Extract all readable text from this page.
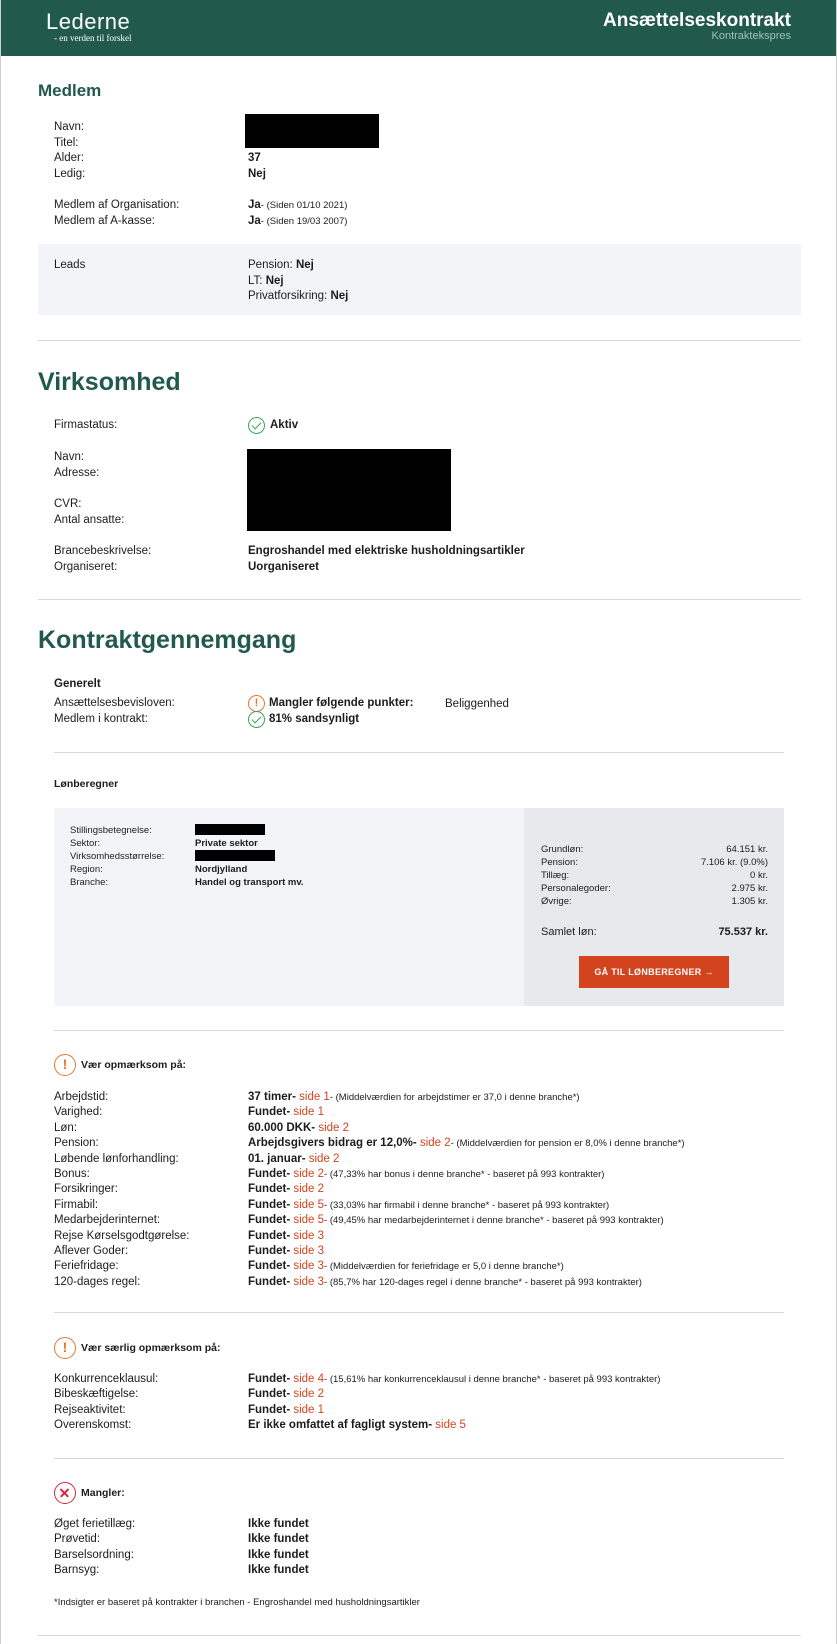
Lederne
- en verden til forskel
Ansættelseskontrakt
Kontraktekspres
Medlem
Navn:
Titel:
Alder:	37
Ledig:	Nej
Medlem af Organisation:	Ja- (Siden 01/10 2021)
Medlem af A-kasse:	Ja- (Siden 19/03 2007)
Leads	Pension: Nej
LT: Nej
Privatforsikring: Nej
Virksomhed
Firmastatus:	Aktiv
Navn:
Adresse:
CVR:
Antal ansatte:
Brancebeskrivelse:	Engroshandel med elektriske husholdningsartikler
Organiseret:	Uorganiseret
Kontraktgennemgang
Generelt
Ansættelsesbevisloven:
!	Mangler følgende punkter:	Beliggenhed
Medlem i kontrakt:	81% sandsynligt
Lønberegner
Stillingsbetegnelse:
Sektor:	Private sektor
Virksomhedsstørrelse:
Region:	Nordjylland
Branche:	Handel og transport mv.
Grundløn:	64.151 kr.
Pension:	7.106 kr. (9.0%)
Tillæg:	0 kr.
Personalegoder:	2.975 kr.
Øvrige:	1.305 kr.
Samlet løn:	75.537 kr.
GÅ TIL LØNBEREGNER →
!
Vær opmærksom på:
Arbejdstid:	37 timer- side 1- (Middelværdien for arbejdstimer er 37,0 i denne branche*)
Varighed:	Fundet- side 1
Løn:	60.000 DKK- side 2
Pension:	Arbejdsgivers bidrag er 12,0%- side 2- (Middelværdien for pension er 8,0% i denne branche*)
Løbende lønforhandling:	01. januar- side 2
Bonus:	Fundet- side 2- (47,33% har bonus i denne branche* - baseret på 993 kontrakter)
Forsikringer:	Fundet- side 2
Firmabil:	Fundet- side 5- (33,03% har firmabil i denne branche* - baseret på 993 kontrakter)
Medarbejderinternet:	Fundet- side 5- (49,45% har medarbejderinternet i denne branche* - baseret på 993 kontrakter)
Rejse Kørselsgodtgørelse:	Fundet- side 3
Aflever Goder:	Fundet- side 3
Feriefridage:	Fundet- side 3- (Middelværdien for feriefridage er 5,0 i denne branche*)
120-dages regel:	Fundet- side 3- (85,7% har 120-dages regel i denne branche* - baseret på 993 kontrakter)
!
Vær særlig opmærksom på:
Konkurrenceklausul:	Fundet- side 4- (15,61% har konkurrenceklausul i denne branche* - baseret på 993 kontrakter)
Bibeskæftigelse:	Fundet- side 2
Rejseaktivitet:	Fundet- side 1
Overenskomst:	Er ikke omfattet af fagligt system- side 5
Mangler:
Øget ferietillæg:	Ikke fundet
Prøvetid:	Ikke fundet
Barselsordning:	Ikke fundet
Barnsyg:	Ikke fundet
*Indsigter er baseret på kontrakter i branchen - Engroshandel med husholdningsartikler
